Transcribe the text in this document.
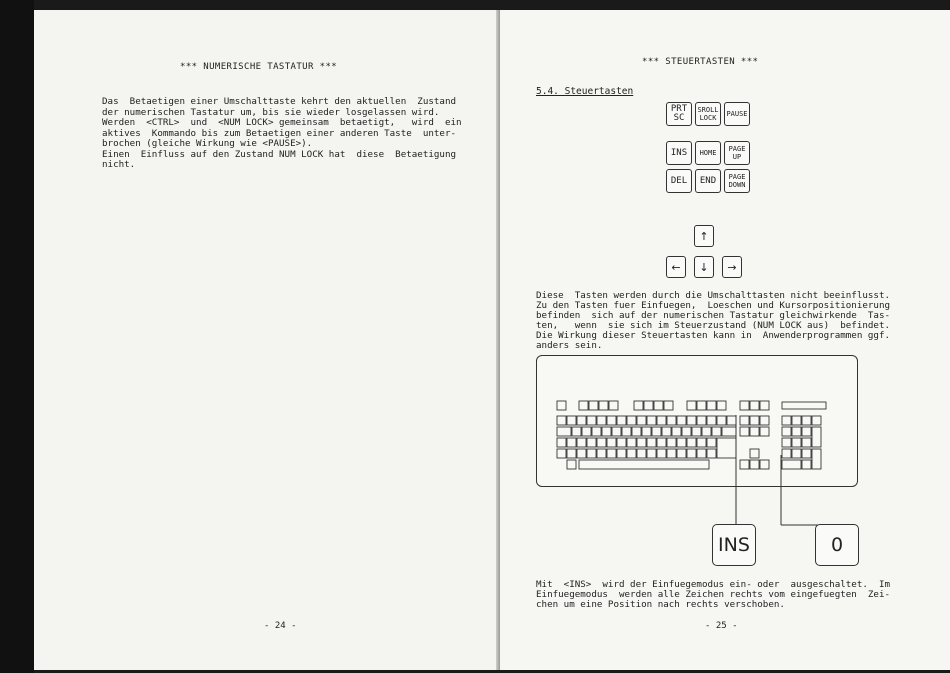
*** NUMERISCHE TASTATUR ***
Das  Betaetigen einer Umschalttaste kehrt den aktuellen  Zustand
der numerischen Tastatur um, bis sie wieder losgelassen wird.
Werden  <CTRL>  und  <NUM LOCK> gemeinsam  betaetigt,   wird  ein
aktives  Kommando bis zum Betaetigen einer anderen Taste  unter-
brochen (gleiche Wirkung wie <PAUSE>).
Einen  Einfluss auf den Zustand NUM LOCK hat  diese  Betaetigung
nicht.
- 24 -
*** STEUERTASTEN ***
5.4. Steuertasten
PRT
SC
SROLL
LOCK	PAUSE
INS	HOME	PAGE
UP
DEL	END	PAGE
DOWN
↑
←	↓	→
Diese  Tasten werden durch die Umschalttasten nicht beeinflusst.
Zu den Tasten fuer Einfuegen,  Loeschen und Kursorpositionierung
befinden  sich auf der numerischen Tastatur gleichwirkende  Tas-
ten,   wenn  sie sich im Steuerzustand (NUM LOCK aus)  befindet.
Die Wirkung dieser Steuertasten kann in  Anwenderprogrammen ggf.
anders sein.
INS	0
Mit  <INS>  wird der Einfuegemodus ein- oder  ausgeschaltet.  Im
Einfuegemodus  werden alle Zeichen rechts vom eingefuegten  Zei-
chen um eine Position nach rechts verschoben.
- 25 -
